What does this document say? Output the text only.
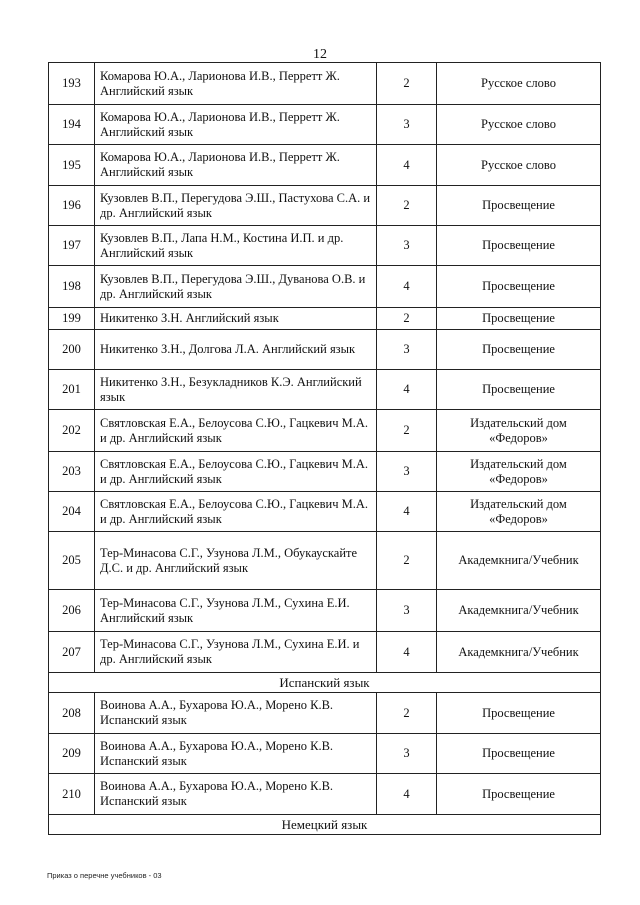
12
193	Комарова Ю.А., Ларионова И.В., Перретт Ж. Английский язык	2	Русское слово
194	Комарова Ю.А., Ларионова И.В., Перретт Ж. Английский язык	3	Русское слово
195	Комарова Ю.А., Ларионова И.В., Перретт Ж. Английский язык	4	Русское слово
196	Кузовлев В.П., Перегудова Э.Ш., Пастухова С.А. и др. Английский язык	2	Просвещение
197	Кузовлев В.П., Лапа Н.М., Костина И.П. и др. Английский язык	3	Просвещение
198	Кузовлев В.П., Перегудова Э.Ш., Дуванова О.В. и др. Английский язык	4	Просвещение
199	Никитенко З.Н. Английский язык	2	Просвещение
200	Никитенко З.Н., Долгова Л.А. Английский язык	3	Просвещение
201	Никитенко З.Н., Безукладников К.Э. Английский язык	4	Просвещение
202	Святловская Е.А., Белоусова С.Ю., Гацкевич М.А. и др. Английский язык	2	Издательский дом «Федоров»
203	Святловская Е.А., Белоусова С.Ю., Гацкевич М.А. и др. Английский язык	3	Издательский дом «Федоров»
204	Святловская Е.А., Белоусова С.Ю., Гацкевич М.А. и др. Английский язык	4	Издательский дом «Федоров»
205	Тер-Минасова С.Г., Узунова Л.М., Обукаускайте Д.С. и др. Английский язык	2	Академкнига/Учебник
206	Тер-Минасова С.Г., Узунова Л.М., Сухина Е.И. Английский язык	3	Академкнига/Учебник
207	Тер-Минасова С.Г., Узунова Л.М., Сухина Е.И. и др. Английский язык	4	Академкнига/Учебник
Испанский язык			
208	Воинова А.А., Бухарова Ю.А., Морено К.В. Испанский язык	2	Просвещение
209	Воинова А.А., Бухарова Ю.А., Морено К.В. Испанский язык	3	Просвещение
210	Воинова А.А., Бухарова Ю.А., Морено К.В. Испанский язык	4	Просвещение
Немецкий язык			
Приказ о перечне учебников - 03
